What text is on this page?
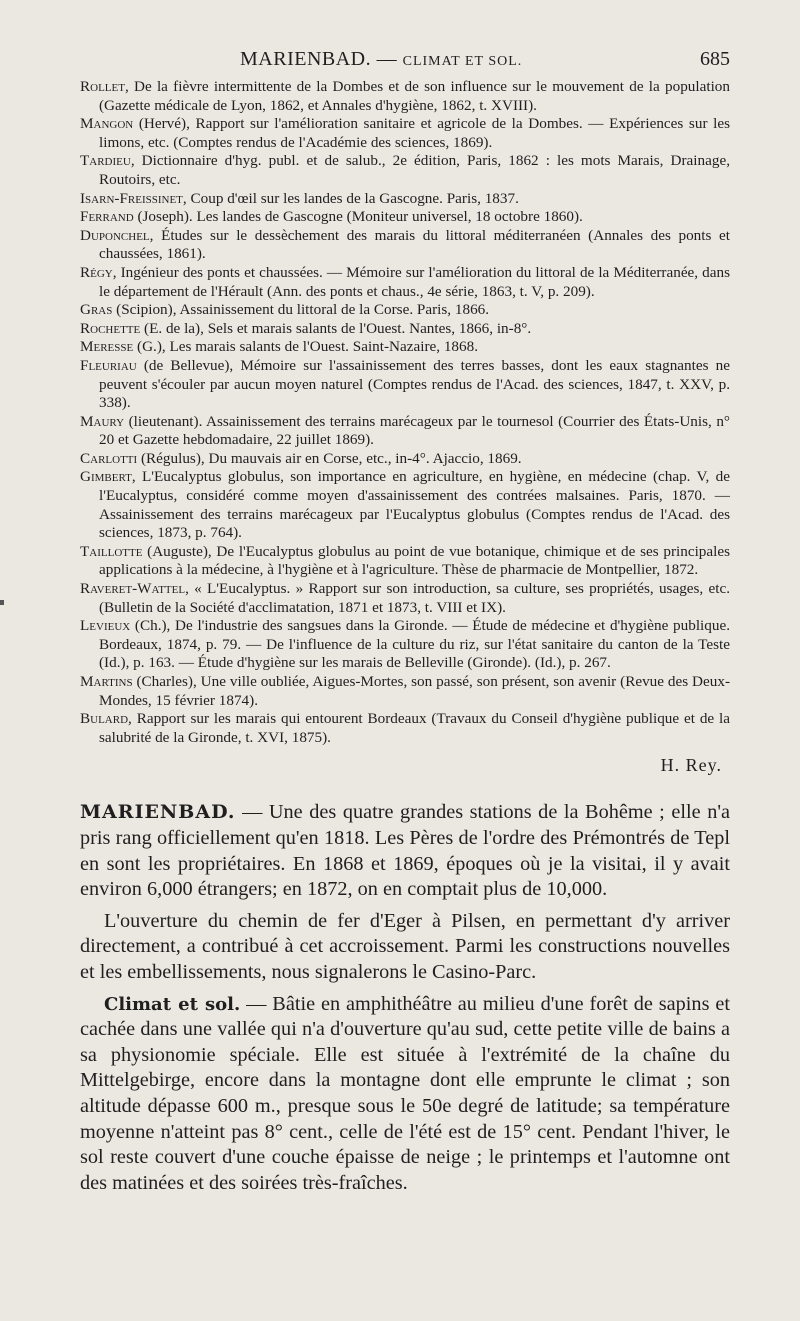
MARIENBAD. — CLIMAT ET SOL.	685

Rollet, De la fièvre intermittente de la Dombes et de son influence sur le mouvement de la population (Gazette médicale de Lyon, 1862, et Annales d'hygiène, 1862, t. XVIII).

Mangon (Hervé), Rapport sur l'amélioration sanitaire et agricole de la Dombes. — Expériences sur les limons, etc. (Comptes rendus de l'Académie des sciences, 1869).

Tardieu, Dictionnaire d'hyg. publ. et de salub., 2e édition, Paris, 1862 : les mots Marais, Drainage, Routoirs, etc.

Isarn-Freissinet, Coup d'œil sur les landes de la Gascogne. Paris, 1837.

Ferrand (Joseph). Les landes de Gascogne (Moniteur universel, 18 octobre 1860).

Duponchel, Études sur le dessèchement des marais du littoral méditerranéen (Annales des ponts et chaussées, 1861).

Régy, Ingénieur des ponts et chaussées. — Mémoire sur l'amélioration du littoral de la Méditerranée, dans le département de l'Hérault (Ann. des ponts et chaus., 4e série, 1863, t. V, p. 209).

Gras (Scipion), Assainissement du littoral de la Corse. Paris, 1866.

Rochette (E. de la), Sels et marais salants de l'Ouest. Nantes, 1866, in-8°.

Meresse (G.), Les marais salants de l'Ouest. Saint-Nazaire, 1868.

Fleuriau (de Bellevue), Mémoire sur l'assainissement des terres basses, dont les eaux stagnantes ne peuvent s'écouler par aucun moyen naturel (Comptes rendus de l'Acad. des sciences, 1847, t. XXV, p. 338).

Maury (lieutenant). Assainissement des terrains marécageux par le tournesol (Courrier des États-Unis, n° 20 et Gazette hebdomadaire, 22 juillet 1869).

Carlotti (Régulus), Du mauvais air en Corse, etc., in-4°. Ajaccio, 1869.

Gimbert, L'Eucalyptus globulus, son importance en agriculture, en hygiène, en médecine (chap. V, de l'Eucalyptus, considéré comme moyen d'assainissement des contrées malsaines. Paris, 1870. — Assainissement des terrains marécageux par l'Eucalyptus globulus (Comptes rendus de l'Acad. des sciences, 1873, p. 764).

Taillotte (Auguste), De l'Eucalyptus globulus au point de vue botanique, chimique et de ses principales applications à la médecine, à l'hygiène et à l'agriculture. Thèse de pharmacie de Montpellier, 1872.

Raveret-Wattel, « L'Eucalyptus. » Rapport sur son introduction, sa culture, ses propriétés, usages, etc. (Bulletin de la Société d'acclimatation, 1871 et 1873, t. VIII et IX).

Levieux (Ch.), De l'industrie des sangsues dans la Gironde. — Étude de médecine et d'hygiène publique. Bordeaux, 1874, p. 79. — De l'influence de la culture du riz, sur l'état sanitaire du canton de la Teste (Id.), p. 163. — Étude d'hygiène sur les marais de Belleville (Gironde). (Id.), p. 267.

Martins (Charles), Une ville oubliée, Aigues-Mortes, son passé, son présent, son avenir (Revue des Deux-Mondes, 15 février 1874).

Bulard, Rapport sur les marais qui entourent Bordeaux (Travaux du Conseil d'hygiène publique et de la salubrité de la Gironde, t. XVI, 1875).

H. Rey.

MARIENBAD. — Une des quatre grandes stations de la Bohême ; elle n'a pris rang officiellement qu'en 1818. Les Pères de l'ordre des Prémontrés de Tepl en sont les propriétaires. En 1868 et 1869, époques où je la visitai, il y avait environ 6,000 étrangers; en 1872, on en comptait plus de 10,000.

L'ouverture du chemin de fer d'Eger à Pilsen, en permettant d'y arriver directement, a contribué à cet accroissement. Parmi les constructions nouvelles et les embellissements, nous signalerons le Casino-Parc.

Climat et sol. — Bâtie en amphithéâtre au milieu d'une forêt de sapins et cachée dans une vallée qui n'a d'ouverture qu'au sud, cette petite ville de bains a sa physionomie spéciale. Elle est située à l'extrémité de la chaîne du Mittelgebirge, encore dans la montagne dont elle emprunte le climat ; son altitude dépasse 600 m., presque sous le 50e degré de latitude; sa température moyenne n'atteint pas 8° cent., celle de l'été est de 15° cent. Pendant l'hiver, le sol reste couvert d'une couche épaisse de neige ; le printemps et l'automne ont des matinées et des soirées très-fraîches.
